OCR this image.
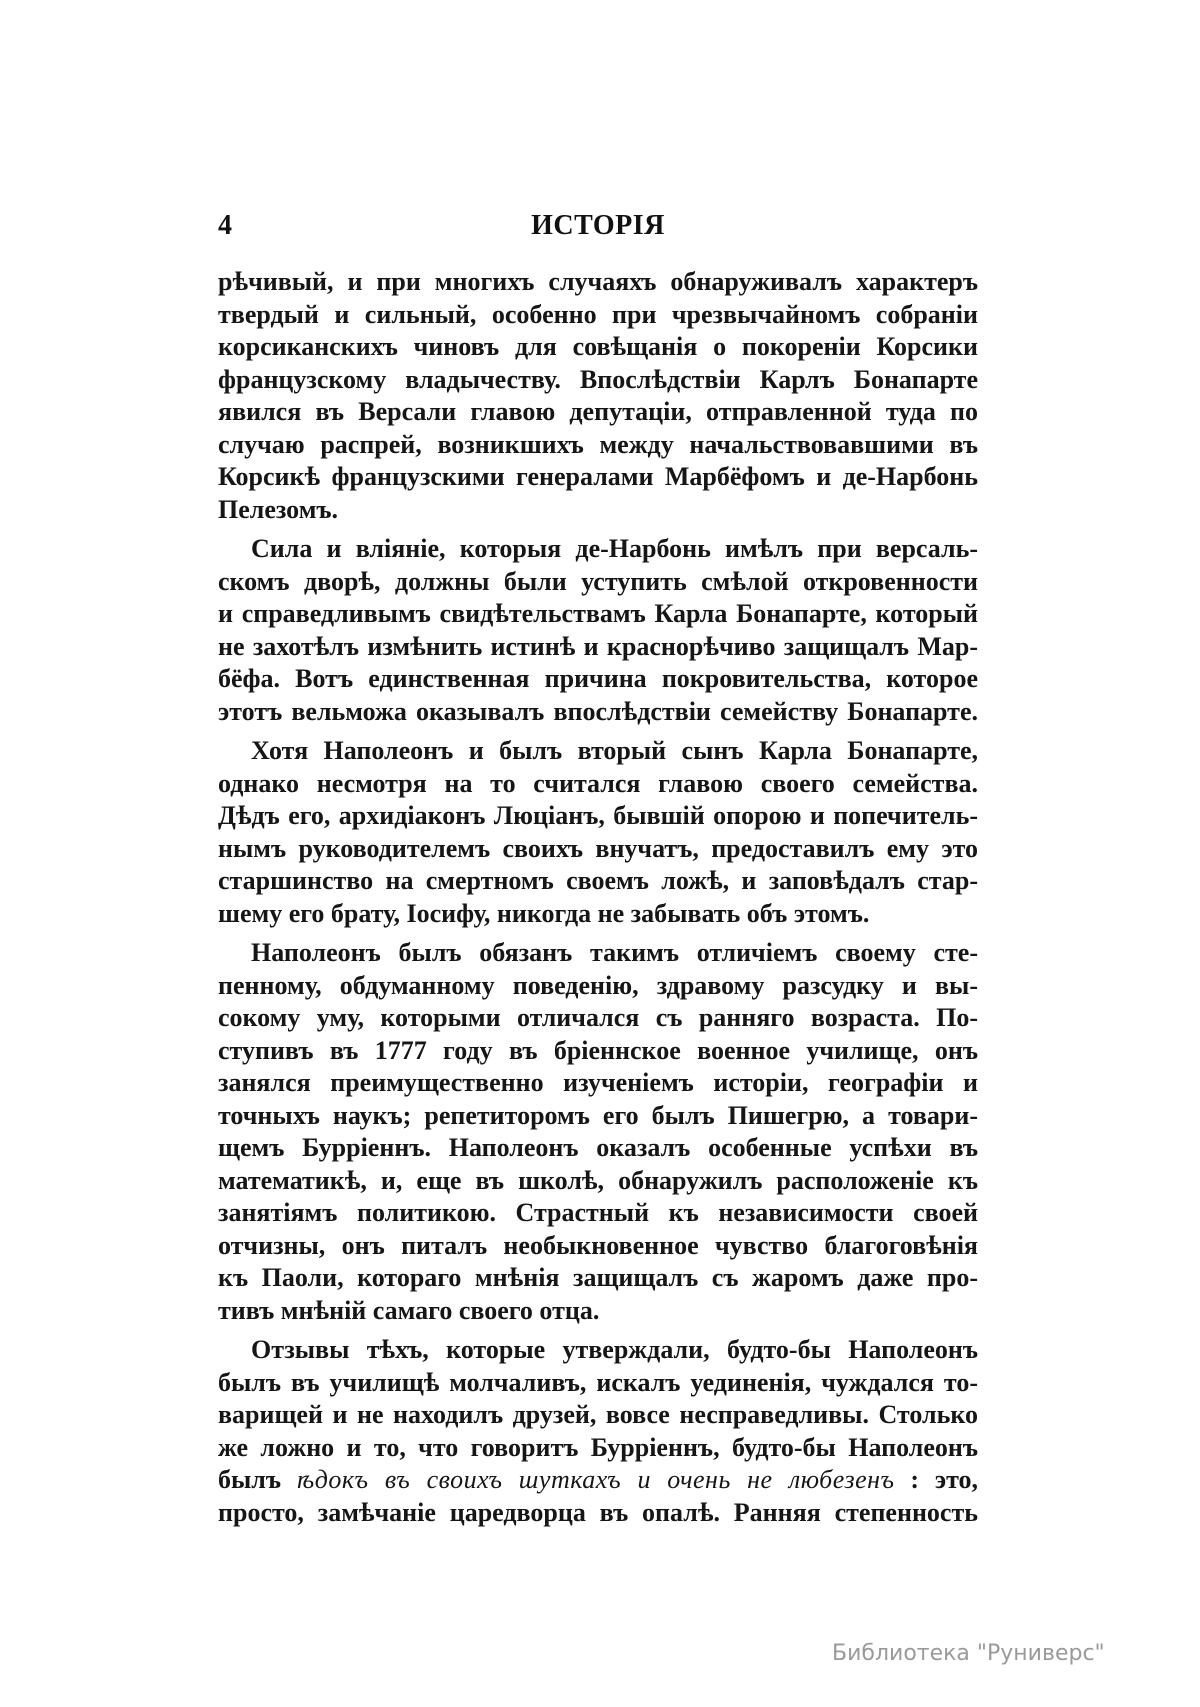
4	ИСТОРІЯ
рѣчивый, и при многихъ случаяхъ обнаруживалъ характеръ
твердый и сильный, особенно при чрезвычайномъ собраніи
корсиканскихъ чиновъ для совѣщанія о покореніи Корсики
французскому владычеству. Впослѣдствіи Карлъ Бонапарте
явился въ Версали главою депутаціи, отправленной туда по
случаю распрей, возникшихъ между начальствовавшими въ
Корсикѣ французскими генералами Марбёфомъ и де-Нарбонь
Пелезомъ.
Сила и вліяніе, которыя де-Нарбонь имѣлъ при версаль-
скомъ дворѣ, должны были уступить смѣлой откровенности
и справедливымъ свидѣтельствамъ Карла Бонапарте, который
не захотѣлъ измѣнить истинѣ и краснорѣчиво защищалъ Мар-
бёфа. Вотъ единственная причина покровительства, которое
этотъ вельможа оказывалъ впослѣдствіи семейству Бонапарте.
Хотя Наполеонъ и былъ вторый сынъ Карла Бонапарте,
однако несмотря на то считался главою своего семейства.
Дѣдъ его, архидіаконъ Люціанъ, бывшій опорою и попечитель-
нымъ руководителемъ своихъ внучатъ, предоставилъ ему это
старшинство на смертномъ своемъ ложѣ, и заповѣдалъ стар-
шему его брату, Іосифу, никогда не забывать объ этомъ.
Наполеонъ былъ обязанъ такимъ отличіемъ своему сте-
пенному, обдуманному поведенію, здравому разсудку и вы-
сокому уму, которыми отличался съ ранняго возраста. По-
ступивъ въ 1777 году въ бріеннское военное училище, онъ
занялся преимущественно изученіемъ исторіи, географіи и
точныхъ наукъ; репетиторомъ его былъ Пишегрю, а товари-
щемъ Бурріеннъ. Наполеонъ оказалъ особенные успѣхи въ
математикѣ, и, еще въ школѣ, обнаружилъ расположеніе къ
занятіямъ политикою. Страстный къ независимости своей
отчизны, онъ питалъ необыкновенное чувство благоговѣнія
къ Паоли, котораго мнѣнія защищалъ съ жаромъ даже про-
тивъ мнѣній самаго своего отца.
Отзывы тѣхъ, которые утверждали, будто-бы Наполеонъ
былъ въ училищѣ молчаливъ, искалъ уединенія, чуждался то-
варищей и не находилъ друзей, вовсе несправедливы. Столько
же ложно и то, что говоритъ Бурріеннъ, будто-бы Наполеонъ
былъ ѣдокъ въ своихъ шуткахъ и очень не любезенъ : это,
просто, замѣчаніе царедворца въ опалѣ. Ранняя степенность
Библиотека "Руниверс"
